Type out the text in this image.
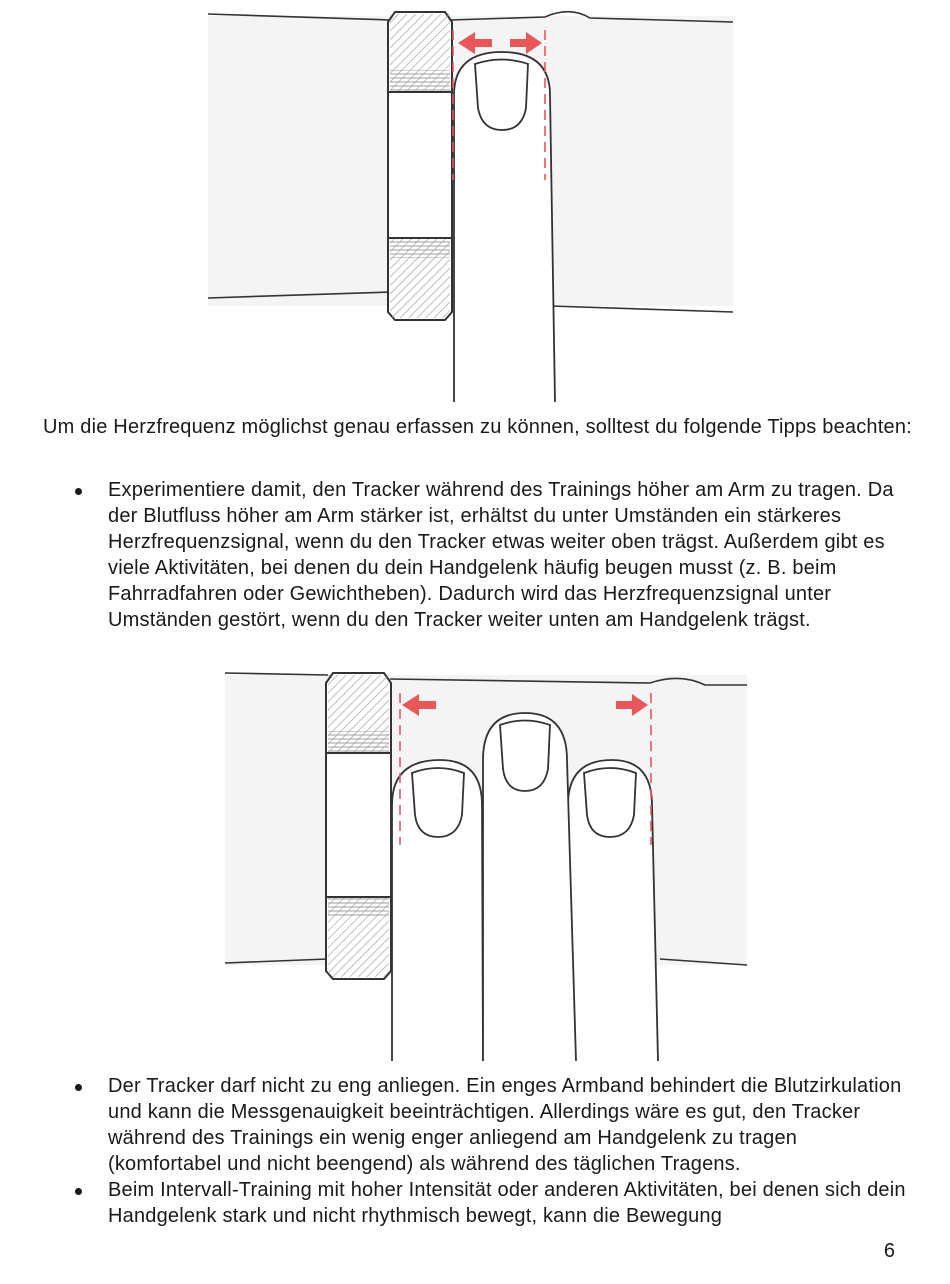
Um die Herzfrequenz möglichst genau erfassen zu können, solltest du folgende Tipps beachten:

Experimentiere damit, den Tracker während des Trainings höher am Arm zu tragen. Da der Blutfluss höher am Arm stärker ist, erhältst du unter Umständen ein stärkeres Herzfrequenzsignal, wenn du den Tracker etwas weiter oben trägst. Außerdem gibt es viele Aktivitäten, bei denen du dein Handgelenk häufig beugen musst (z. B. beim Fahrradfahren oder Gewichtheben). Dadurch wird das Herzfrequenzsignal unter Umständen gestört, wenn du den Tracker weiter unten am Handgelenk trägst.
Der Tracker darf nicht zu eng anliegen. Ein enges Armband behindert die Blutzirkulation und kann die Messgenauigkeit beeinträchtigen. Allerdings wäre es gut, den Tracker während des Trainings ein wenig enger anliegend am Handgelenk zu tragen (komfortabel und nicht beengend) als während des täglichen Tragens.
Beim Intervall-Training mit hoher Intensität oder anderen Aktivitäten, bei denen sich dein Handgelenk stark und nicht rhythmisch bewegt, kann die Bewegung
6
